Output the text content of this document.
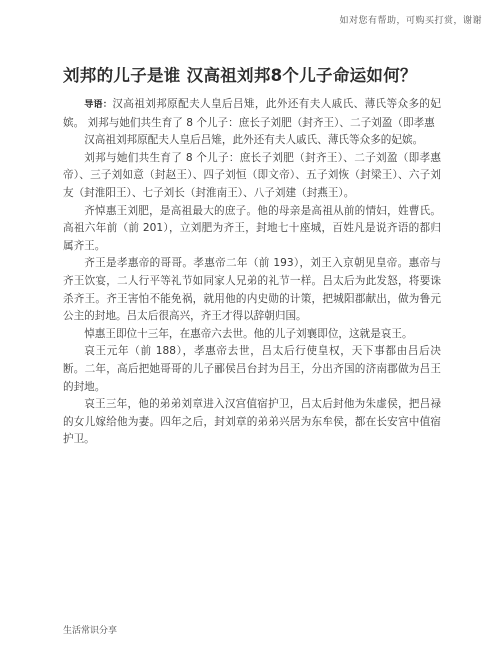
如对您有帮助，可购买打赏，谢谢
刘邦的儿子是谁 汉高祖刘邦8个儿子命运如何？

导语：汉高祖刘邦原配夫人皇后吕雉，此外还有夫人戚氏、薄氏等众多的妃嫔。 刘邦与她们共生育了 8 个儿子：庶长子刘肥（封齐王）、二子刘盈（即孝惠

汉高祖刘邦原配夫人皇后吕雉，此外还有夫人戚氏、薄氏等众多的妃嫔。

刘邦与她们共生育了 8 个儿子：庶长子刘肥（封齐王）、二子刘盈（即孝惠帝）、三子刘如意（封赵王）、四子刘恒（即文帝）、五子刘恢（封梁王）、六子刘友（封淮阳王）、七子刘长（封淮南王）、八子刘建（封燕王）。

齐悼惠王刘肥，是高祖最大的庶子。他的母亲是高祖从前的情妇，姓曹氏。高祖六年前（前 201），立刘肥为齐王，封地七十座城，百姓凡是说齐语的都归属齐王。

齐王是孝惠帝的哥哥。孝惠帝二年（前 193），刘王入京朝见皇帝。惠帝与齐王饮宴，二人行平等礼节如同家人兄弟的礼节一样。吕太后为此发怒，将要诛杀齐王。齐王害怕不能免祸，就用他的内史勋的计策，把城阳郡献出，做为鲁元公主的封地。吕太后很高兴，齐王才得以辞朝归国。

悼惠王即位十三年，在惠帝六去世。他的儿子刘襄即位，这就是哀王。

哀王元年（前 188），孝惠帝去世，吕太后行使皇权，天下事都由吕后决断。二年，高后把她哥哥的儿子郦侯吕台封为吕王，分出齐国的济南郡做为吕王的封地。

哀王三年，他的弟弟刘章进入汉宫值宿护卫，吕太后封他为朱虚侯，把吕禄的女儿嫁给他为妻。四年之后，封刘章的弟弟兴居为东牟侯，都在长安宫中值宿护卫。

生活常识分享
